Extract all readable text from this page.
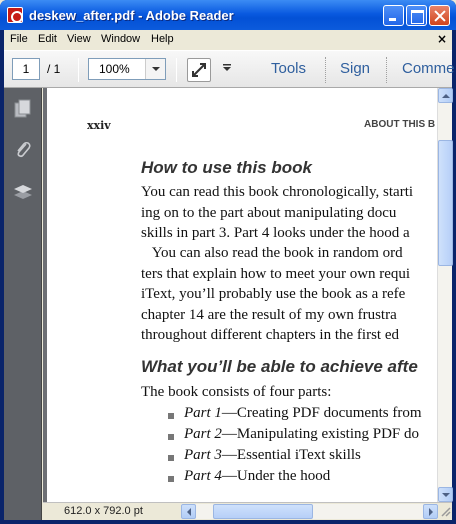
deskew_after.pdf - Adobe Reader
File Edit View Window Help	×
1	/ 1	100%	Tools Sign Comme
xxiv	ABOUT THIS B
How to use this book
You can read this book chronologically, starti
ing on to the part about manipulating docu
skills in part 3. Part 4 looks under the hood a
You can also read the book in random ord
ters that explain how to meet your own requi
iText, you’ll probably use the book as a refe
chapter 14 are the result of my own frustra
throughout different chapters in the first ed
What you’ll be able to achieve afte
The book consists of four parts:
Part 1—Creating PDF documents from
Part 2—Manipulating existing PDF do
Part 3—Essential iText skills
Part 4—Under the hood
612.0 x 792.0 pt
